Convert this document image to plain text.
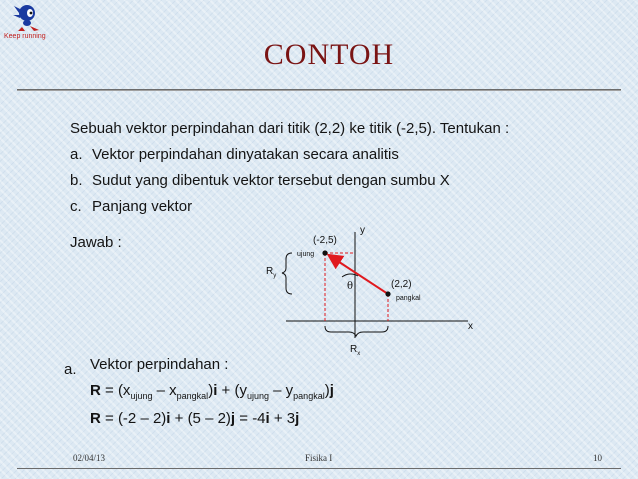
Keep running
CONTOH
Sebuah vektor perpindahan dari titik (2,2) ke titik (-2,5). Tentukan :
a. Vektor perpindahan dinyatakan secara analitis
b. Sudut yang dibentuk vektor tersebut dengan sumbu X
c. Panjang vektor
Jawab :
y
x
(-2,5)
ujung
(2,2)
pangkal
θ
$R_y$
$R_x$
a. Vektor perpindahan :
$R = (x_{ujung} - x_{pangkal})i + (y_{ujung} - y_{pangkal})j$
R = (-2 – 2)i + (5 – 2)j = -4i + 3j
02/04/13	Fisika I	10
